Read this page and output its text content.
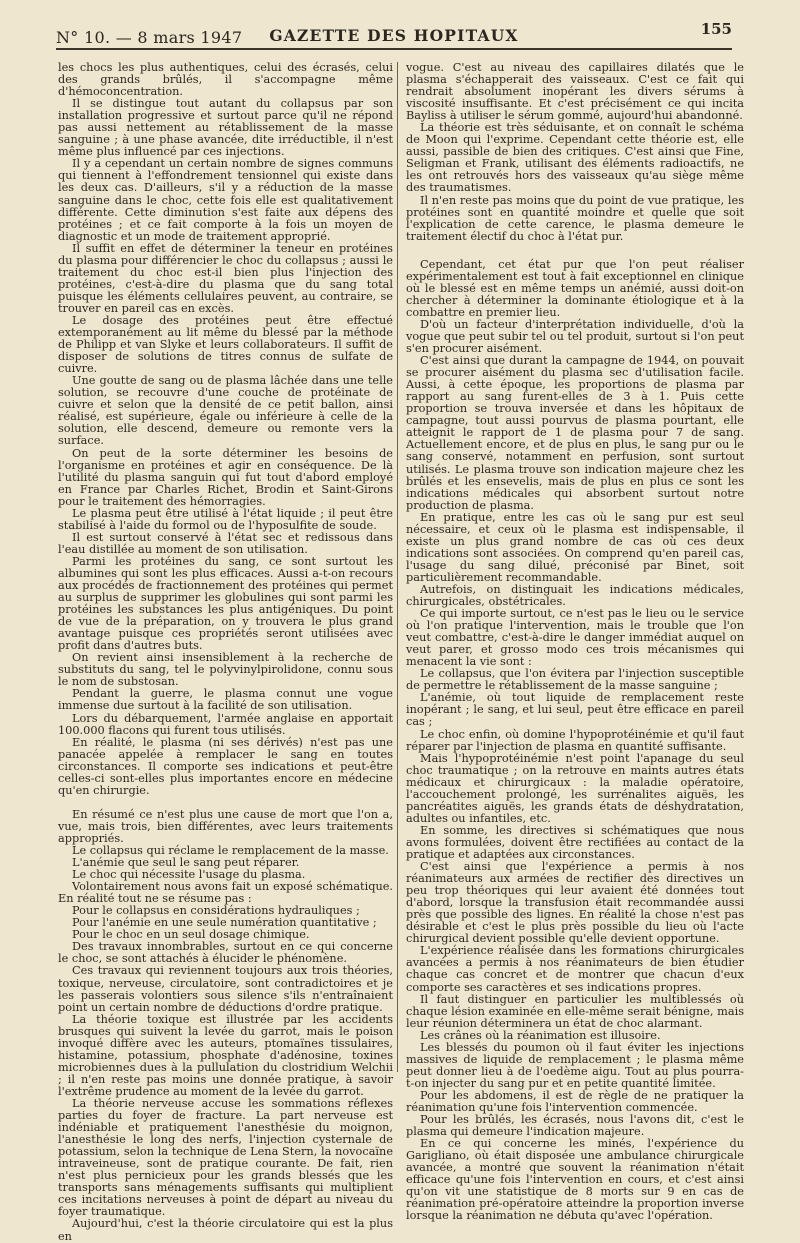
N° 10. — 8 mars 1947	GAZETTE DES HOPITAUX	155

les chocs les plus authentiques, celui des écrasés, celui des grands brûlés, il s'accompagne même d'hémoconcentration.

Il se distingue tout autant du collapsus par son installation progressive et surtout parce qu'il ne répond pas aussi nettement au rétablissement de la masse sanguine ; à une phase avancée, dite irréductible, il n'est même plus influencé par ces injections.

Il y a cependant un certain nombre de signes communs qui tiennent à l'effondrement tensionnel qui existe dans les deux cas. D'ailleurs, s'il y a réduction de la masse sanguine dans le choc, cette fois elle est qualitativement différente. Cette diminution s'est faite aux dépens des protéines ; et ce fait comporte à la fois un moyen de diagnostic et un mode de traitement approprié.

Il suffit en effet de déterminer la teneur en protéines du plasma pour différencier le choc du collapsus ; aussi le traitement du choc est-il bien plus l'injection des protéines, c'est-à-dire du plasma que du sang total puisque les éléments cellulaires peuvent, au contraire, se trouver en pareil cas en excès.

Le dosage des protéines peut être effectué extemporanément au lit même du blessé par la méthode de Philipp et van Slyke et leurs collaborateurs. Il suffit de disposer de solutions de titres connus de sulfate de cuivre.

Une goutte de sang ou de plasma lâchée dans une telle solution, se recouvre d'une couche de protéinate de cuivre et selon que la densité de ce petit ballon, ainsi réalisé, est supérieure, égale ou inférieure à celle de la solution, elle descend, demeure ou remonte vers la surface.

On peut de la sorte déterminer les besoins de l'organisme en protéines et agir en conséquence. De là l'utilité du plasma sanguin qui fut tout d'abord employé en France par Charles Richet, Brodin et Saint-Girons pour le traitement des hémorragies.

Le plasma peut être utilisé à l'état liquide ; il peut être stabilisé à l'aide du formol ou de l'hyposulfite de soude.

Il est surtout conservé à l'état sec et redissous dans l'eau distillée au moment de son utilisation.

Parmi les protéines du sang, ce sont surtout les albumines qui sont les plus efficaces. Aussi a-t-on recours aux procédés de fractionnement des protéines qui permet au surplus de supprimer les globulines qui sont parmi les protéines les substances les plus antigéniques. Du point de vue de la préparation, on y trouvera le plus grand avantage puisque ces propriétés seront utilisées avec profit dans d'autres buts.

On revient ainsi insensiblement à la recherche de substituts du sang, tel le polyvinylpirolidone, connu sous le nom de substosan.

Pendant la guerre, le plasma connut une vogue immense due surtout à la facilité de son utilisation.

Lors du débarquement, l'armée anglaise en apportait 100.000 flacons qui furent tous utilisés.

En réalité, le plasma (ni ses dérivés) n'est pas une panacée appelée à remplacer le sang en toutes circonstances. Il comporte ses indications et peut-être celles-ci sont-elles plus importantes encore en médecine qu'en chirurgie.

En résumé ce n'est plus une cause de mort que l'on a, vue, mais trois, bien différentes, avec leurs traitements appropriés.

Le collapsus qui réclame le remplacement de la masse.

L'anémie que seul le sang peut réparer.

Le choc qui nécessite l'usage du plasma.

Volontairement nous avons fait un exposé schématique. En réalité tout ne se résume pas :

Pour le collapsus en considérations hydrauliques ;

Pour l'anémie en une seule numération quantitative ;

Pour le choc en un seul dosage chimique.

Des travaux innombrables, surtout en ce qui concerne le choc, se sont attachés à élucider le phénomène.

Ces travaux qui reviennent toujours aux trois théories, toxique, nerveuse, circulatoire, sont contradictoires et je les passerais volontiers sous silence s'ils n'entraînaient point un certain nombre de déductions d'ordre pratique.

La théorie toxique est illustrée par les accidents brusques qui suivent la levée du garrot, mais le poison invoqué diffère avec les auteurs, ptomaïnes tissulaires, histamine, potassium, phosphate d'adénosine, toxines microbiennes dues à la pullulation du clostridium Welchii ; il n'en reste pas moins une donnée pratique, à savoir l'extrême prudence au moment de la levée du garrot.

La théorie nerveuse accuse les sommations réflexes parties du foyer de fracture. La part nerveuse est indéniable et pratiquement l'anesthésie du moignon, l'anesthésie le long des nerfs, l'injection cysternale de potassium, selon la technique de Lena Stern, la novocaïne intraveineuse, sont de pratique courante. De fait, rien n'est plus pernicieux pour les grands blessés que les transports sans ménagements suffisants qui multiplient ces incitations nerveuses à point de départ au niveau du foyer traumatique.

Aujourd'hui, c'est la théorie circulatoire qui est la plus en

vogue. C'est au niveau des capillaires dilatés que le plasma s'échapperait des vaisseaux. C'est ce fait qui rendrait absolument inopérant les divers sérums à viscosité insuffisante. Et c'est précisément ce qui incita Bayliss à utiliser le sérum gommé, aujourd'hui abandonné.

La théorie est très séduisante, et on connaît le schéma de Moon qui l'exprime. Cependant cette théorie est, elle aussi, passible de bien des critiques. C'est ainsi que Fine, Seligman et Frank, utilisant des éléments radioactifs, ne les ont retrouvés hors des vaisseaux qu'au siège même des traumatismes.

Il n'en reste pas moins que du point de vue pratique, les protéines sont en quantité moindre et quelle que soit l'explication de cette carence, le plasma demeure le traitement électif du choc à l'état pur.

Cependant, cet état pur que l'on peut réaliser expérimentalement est tout à fait exceptionnel en clinique où le blessé est en même temps un anémié, aussi doit-on chercher à déterminer la dominante étiologique et à la combattre en premier lieu.

D'où un facteur d'interprétation individuelle, d'où la vogue que peut subir tel ou tel produit, surtout si l'on peut s'en procurer aisément.

C'est ainsi que durant la campagne de 1944, on pouvait se procurer aisément du plasma sec d'utilisation facile. Aussi, à cette époque, les proportions de plasma par rapport au sang furent-elles de 3 à 1. Puis cette proportion se trouva inversée et dans les hôpitaux de campagne, tout aussi pourvus de plasma pourtant, elle atteignit le rapport de 1 de plasma pour 7 de sang. Actuellement encore, et de plus en plus, le sang pur ou le sang conservé, notamment en perfusion, sont surtout utilisés. Le plasma trouve son indication majeure chez les brûlés et les ensevelis, mais de plus en plus ce sont les indications médicales qui absorbent surtout notre production de plasma.

En pratique, entre les cas où le sang pur est seul nécessaire, et ceux où le plasma est indispensable, il existe un plus grand nombre de cas où ces deux indications sont associées. On comprend qu'en pareil cas, l'usage du sang dilué, préconisé par Binet, soit particulièrement recommandable.

Autrefois, on distinguait les indications médicales, chirurgicales, obstétricales.

Ce qui importe surtout, ce n'est pas le lieu ou le service où l'on pratique l'intervention, mais le trouble que l'on veut combattre, c'est-à-dire le danger immédiat auquel on veut parer, et grosso modo ces trois mécanismes qui menacent la vie sont :

Le collapsus, que l'on évitera par l'injection susceptible de permettre le rétablissement de la masse sanguine ;

L'anémie, où tout liquide de remplacement reste inopérant ; le sang, et lui seul, peut être efficace en pareil cas ;

Le choc enfin, où domine l'hypoprotéinémie et qu'il faut réparer par l'injection de plasma en quantité suffisante.

Mais l'hypoprotéinémie n'est point l'apanage du seul choc traumatique ; on la retrouve en maints autres états médicaux et chirurgicaux : la maladie opératoire, l'accouchement prolongé, les surrénalites aiguës, les pancréatites aiguës, les grands états de déshydratation, adultes ou infantiles, etc.

En somme, les directives si schématiques que nous avons formulées, doivent être rectifiées au contact de la pratique et adaptées aux circonstances.

C'est ainsi que l'expérience a permis à nos réanimateurs aux armées de rectifier des directives un peu trop théoriques qui leur avaient été données tout d'abord, lorsque la transfusion était recommandée aussi près que possible des lignes. En réalité la chose n'est pas désirable et c'est le plus près possible du lieu où l'acte chirurgical devient possible qu'elle devient opportune.

L'expérience réalisée dans les formations chirurgicales avancées a permis à nos réanimateurs de bien étudier chaque cas concret et de montrer que chacun d'eux comporte ses caractères et ses indications propres.

Il faut distinguer en particulier les multiblessés où chaque lésion examinée en elle-même serait bénigne, mais leur réunion déterminera un état de choc alarmant.

Les crânes où la réanimation est illusoire.

Les blessés du poumon où il faut éviter les injections massives de liquide de remplacement ; le plasma même peut donner lieu à de l'oedème aigu. Tout au plus pourra-t-on injecter du sang pur et en petite quantité limitée.

Pour les abdomens, il est de règle de ne pratiquer la réanimation qu'une fois l'intervention commencée.

Pour les brûlés, les écrasés, nous l'avons dit, c'est le plasma qui demeure l'indication majeure.

En ce qui concerne les minés, l'expérience du Garigliano, où était disposée une ambulance chirurgicale avancée, a montré que souvent la réanimation n'était efficace qu'une fois l'intervention en cours, et c'est ainsi qu'on vit une statistique de 8 morts sur 9 en cas de réanimation pré-opératoire atteindre la proportion inverse lorsque la réanimation ne débuta qu'avec l'opération.
